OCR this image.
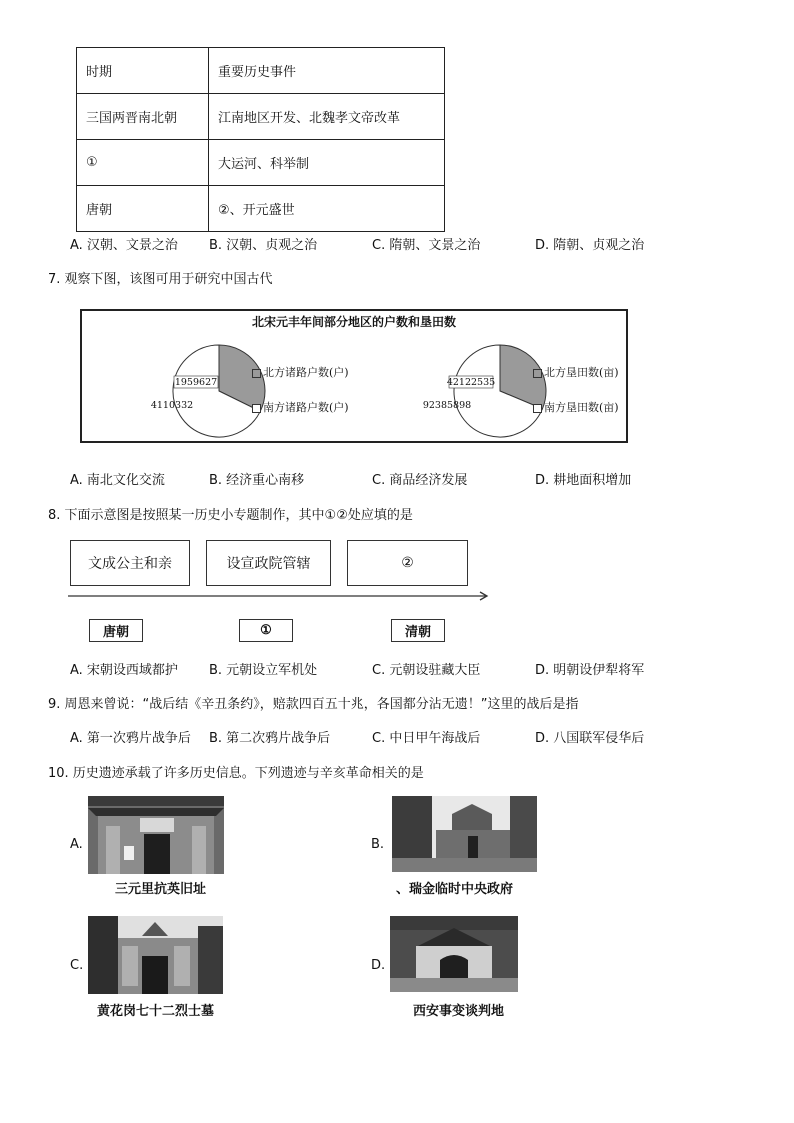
时期	重要历史事件
三国两晋南北朝	江南地区开发、北魏孝文帝改革
①	大运河、科举制
唐朝	②、开元盛世
A. 汉朝、文景之治 B. 汉朝、贞观之治	C. 隋朝、文景之治	D. 隋朝、贞观之治
7. 观察下图，该图可用于研究中国古代
北宋元丰年间部分地区的户数和垦田数
1959627
4110332
42122535
92385898
北方诸路户数(户)
南方诸路户数(户)
北方垦田数(亩)
南方垦田数(亩)
A. 南北文化交流	B. 经济重心南移	C. 商品经济发展	D. 耕地面积增加
8. 下面示意图是按照某一历史小专题制作，其中①②处应填的是
文成公主和亲	设宣政院管辖	②
唐朝	①	清朝
A. 宋朝设西域都护 B. 元朝设立军机处	C. 元朝设驻藏大臣	D. 明朝设伊犁将军
9. 周恩来曾说：“战后结《辛丑条约》，赔款四百五十兆，各国都分沾无遗！”这里的战后是指
A. 第一次鸦片战争后 B. 第二次鸦片战争后	C. 中日甲午海战后	D. 八国联军侵华后
10. 历史遗迹承载了许多历史信息。下列遗迹与辛亥革命相关的是
A.
三元里抗英旧址
B.
、瑞金临时中央政府
C.
黄花岗七十二烈士墓
D.
西安事变谈判地
